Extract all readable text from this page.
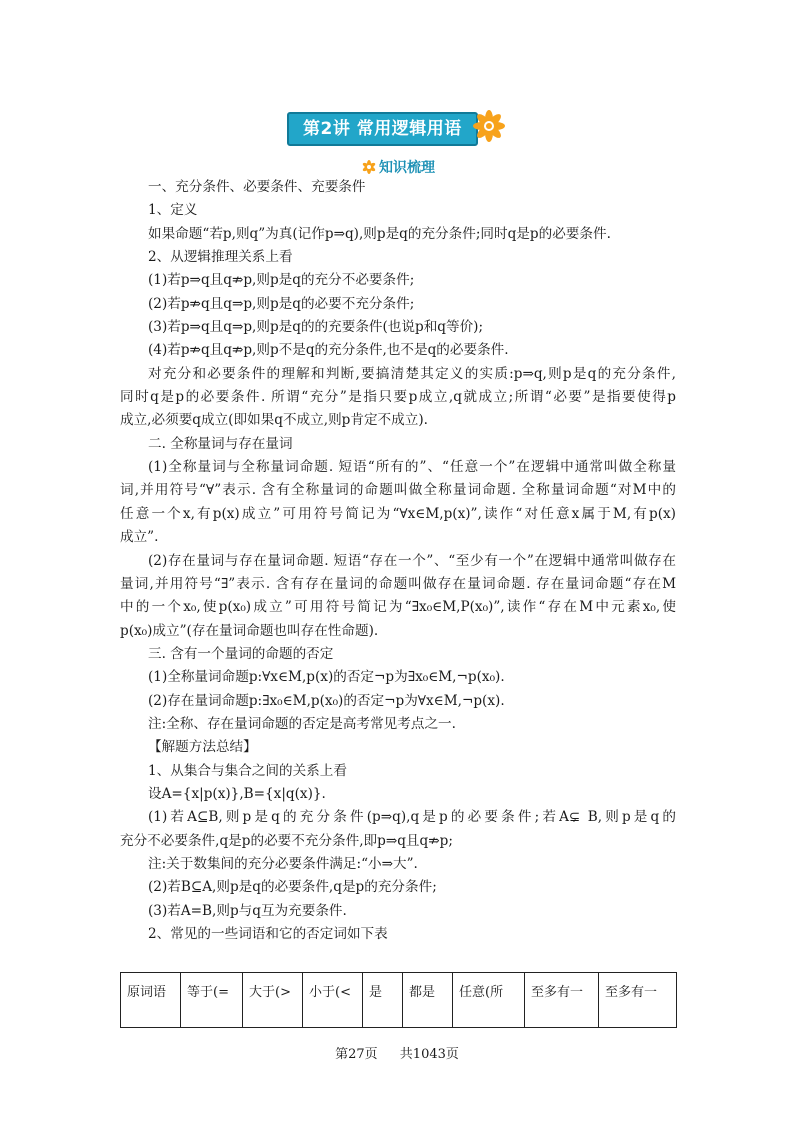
第2讲 常用逻辑用语
知识梳理
一、充分条件、必要条件、充要条件
1、定义
如果命题“若p,则q”为真(记作p⇒q),则p是q的充分条件;同时q是p的必要条件.
2、从逻辑推理关系上看
(1)若p⇒q且q⇏p,则p是q的充分不必要条件;
(2)若p⇏q且q⇒p,则p是q的必要不充分条件;
(3)若p⇒q且q⇒p,则p是q的的充要条件(也说p和q等价);
(4)若p⇏q且q⇏p,则p不是q的充分条件,也不是q的必要条件.
对充分和必要条件的理解和判断,要搞清楚其定义的实质:p⇒q,则p是q的充分条件,
同时q是p的必要条件. 所谓“充分”是指只要p成立,q就成立;所谓“必要”是指要使得p
成立,必须要q成立(即如果q不成立,则p肯定不成立).
二. 全称量词与存在量词
(1)全称量词与全称量词命题. 短语“所有的”、“任意一个”在逻辑中通常叫做全称量
词,并用符号“∀”表示. 含有全称量词的命题叫做全称量词命题. 全称量词命题“对M中的
任意一个x,有p(x)成立”可用符号简记为“∀x∈M,p(x)”,读作“对任意x属于M,有p(x)
成立”.
(2)存在量词与存在量词命题. 短语“存在一个”、“至少有一个”在逻辑中通常叫做存在
量词,并用符号“∃”表示. 含有存在量词的命题叫做存在量词命题. 存在量词命题“存在M
中的一个x₀,使p(x₀)成立”可用符号简记为“∃x₀∈M,P(x₀)”,读作“存在M中元素x₀,使
p(x₀)成立”(存在量词命题也叫存在性命题).
三. 含有一个量词的命题的否定
(1)全称量词命题p:∀x∈M,p(x)的否定¬p为∃x₀∈M,¬p(x₀).
(2)存在量词命题p:∃x₀∈M,p(x₀)的否定¬p为∀x∈M,¬p(x).
注:全称、存在量词命题的否定是高考常见考点之一.
【解题方法总结】
1、从集合与集合之间的关系上看
设A={x|p(x)},B={x|q(x)}.
(1)若A⊆B,则p是q的充分条件(p⇒q),q是p的必要条件;若A⊊ B,则p是q的
充分不必要条件,q是p的必要不充分条件,即p⇒q且q⇏p;
注:关于数集间的充分必要条件满足:“小⇒大”.
(2)若B⊆A,则p是q的必要条件,q是p的充分条件;
(3)若A=B,则p与q互为充要条件.
2、常见的一些词语和它的否定词如下表
原词语	等于(=	大于(>	小于(<	是	都是	任意(所	至多有一	至多有一
第27页 共1043页
